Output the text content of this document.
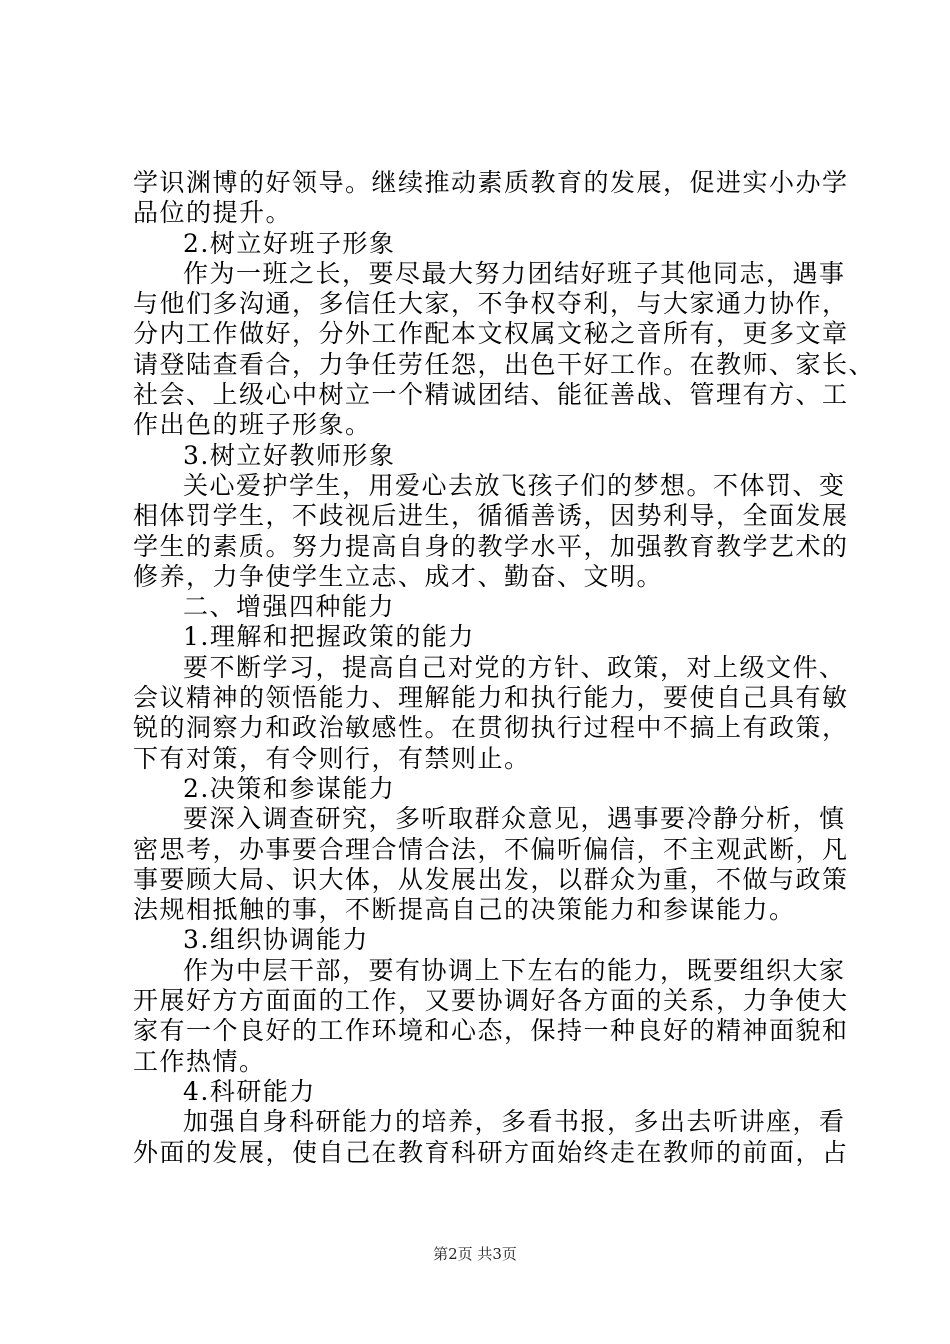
学识渊博的好领导。继续推动素质教育的发展，促进实小办学
品位的提升。
2.树立好班子形象
作为一班之长，要尽最大努力团结好班子其他同志，遇事
与他们多沟通，多信任大家，不争权夺利，与大家通力协作，
分内工作做好，分外工作配本文权属文秘之音所有，更多文章
请登陆查看合，力争任劳任怨，出色干好工作。在教师、家长、
社会、上级心中树立一个精诚团结、能征善战、管理有方、工
作出色的班子形象。
3.树立好教师形象
关心爱护学生，用爱心去放飞孩子们的梦想。不体罚、变
相体罚学生，不歧视后进生，循循善诱，因势利导，全面发展
学生的素质。努力提高自身的教学水平，加强教育教学艺术的
修养，力争使学生立志、成才、勤奋、文明。
二、增强四种能力
1.理解和把握政策的能力
要不断学习，提高自己对党的方针、政策，对上级文件、
会议精神的领悟能力、理解能力和执行能力，要使自己具有敏
锐的洞察力和政治敏感性。在贯彻执行过程中不搞上有政策，
下有对策，有令则行，有禁则止。
2.决策和参谋能力
要深入调查研究，多听取群众意见，遇事要冷静分析，慎
密思考，办事要合理合情合法，不偏听偏信，不主观武断，凡
事要顾大局、识大体，从发展出发，以群众为重，不做与政策
法规相抵触的事，不断提高自己的决策能力和参谋能力。
3.组织协调能力
作为中层干部，要有协调上下左右的能力，既要组织大家
开展好方方面面的工作，又要协调好各方面的关系，力争使大
家有一个良好的工作环境和心态，保持一种良好的精神面貌和
工作热情。
4.科研能力
加强自身科研能力的培养，多看书报，多出去听讲座，看
外面的发展，使自己在教育科研方面始终走在教师的前面，占
第2页 共3页
